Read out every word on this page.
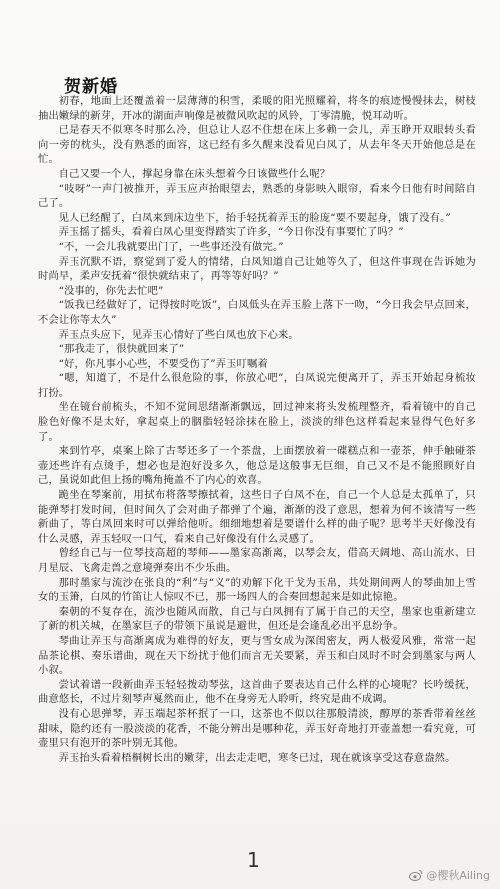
贺新婚

初春，地面上还覆盖着一层薄薄的积雪，柔暖的阳光照耀着，将冬的痕迹慢慢抹去，树枝抽出嫩绿的新芽，开冰的湖面声响像是被微风吹起的风铃，丁零清脆，悦耳动听。

已是春天不似寒冬时那么冷，但总让人忍不住想在床上多赖一会儿，弄玉睁开双眼转头看向一旁的枕头，没有熟悉的面容，这已经有多久醒来没看见白凤了，从去年冬天开始他总是在忙。

自己又要一个人，撑起身靠在床头想着今日该做些什么呢？

“吱呀”一声门被推开，弄玉应声抬眼望去，熟悉的身影映入眼帘，看来今日他有时间陪自己了。

见人已经醒了，白凤来到床边坐下，抬手轻抚着弄玉的脸庞“要不要起身，饿了没有。”

弄玉摇了摇头，看着白凤心里变得踏实了许多，“今日你没有事要忙了吗？”

“不，一会儿我就要出门了，一些事还没有做完。”

弄玉沉默不语，察觉到了爱人的情绪，白凤知道自己让她等久了，但这件事现在告诉她为时尚早，柔声安抚着“很快就结束了，再等等好吗？”

“没事的，你先去忙吧”

“饭我已经做好了，记得按时吃饭”，白凤低头在弄玉脸上落下一吻，“今日我会早点回来，不会让你等太久”

弄玉点头应下，见弄玉心情好了些白凤也放下心来。

“那我走了，很快就回来了”

“好，你凡事小心些，不要受伤了”弄玉叮嘱着

“嗯，知道了，不是什么很危险的事，你放心吧”，白凤说完便离开了，弄玉开始起身梳妆打扮。

坐在镜台前梳头，不知不觉间思绪渐渐飘远，回过神来将头发梳理整齐，看着镜中的自己脸色好像不是太好，拿起桌上的胭脂轻轻涂抹在脸上，淡淡的绯色这样看起来显得气色好多了。

来到竹亭，桌案上除了古琴还多了一个茶盘，上面摆放着一碟糕点和一壶茶，伸手触碰茶壶还些许有点烫手，想必也是泡好没多久，他总是这般事无巨细，自己又不是不能照顾好自己，虽说如此但上扬的嘴角掩盖不了内心的欢喜。

跪坐在琴案前，用拭布将落琴擦拭着，这些日子白凤不在，自己一个人总是太孤单了，只能弹琴打发时间，但时间久了会对曲子都弹了个遍，渐渐的没了意思，想着为何不该清写一些新曲了，等白凤回来时可以弹给他听。细细地想着是要谱什么样的曲子呢？思考半天好像没有什么灵感，弄玉轻叹一口气，看来自己好像没有什么灵感了。

曾经自己与一位琴技高超的琴师——墨家高渐离，以琴会友，借高天阔地、高山流水、日月星辰、飞禽走兽之意境弹奏出不少乐曲。

那时墨家与流沙在张良的“利”与“义”的劝解下化干戈为玉帛，共处期间两人的琴曲加上雪女的玉箫，白凤的竹笛让人惊叹不已，那一场四人的合奏回想起来是如此惊艳。

秦朝的不复存在，流沙也随风而散，自己与白凤拥有了属于自己的天空，墨家也重新建立了新的机关城，在墨家巨子的带领下虽说是避世，但还是会逢乱必出平息纷争。

琴曲让弄玉与高渐离成为难得的好友，更与雪女成为深闺密友，两人极爱风雅，常常一起品茶论棋、奏乐谱曲，现在天下纷扰于他们而言无关要紧，弄玉和白凤时不时会到墨家与两人小叙。

尝试着谱一段新曲弄玉轻轻拨动琴弦，这首曲子要表达自己什么样的心境呢？长吟缓抚，曲意悠长，不过片刻琴声戛然而止，他不在身旁无人聆听，终究是曲不成调。

没有心思弹琴，弄玉端起茶杯抿了一口，这茶也不似以往那般清淡，醇厚的茶香带着丝丝甜味，隐约还有一股淡淡的花香，不能分辨出是哪种花，弄玉好奇地打开壶盖想一看究竟，可壶里只有泡开的茶叶别无其他。

弄玉抬头看着梧桐树长出的嫩芽，出去走走吧，寒冬已过，现在就该享受这春意盎然。

1
@樱秋Ailing
